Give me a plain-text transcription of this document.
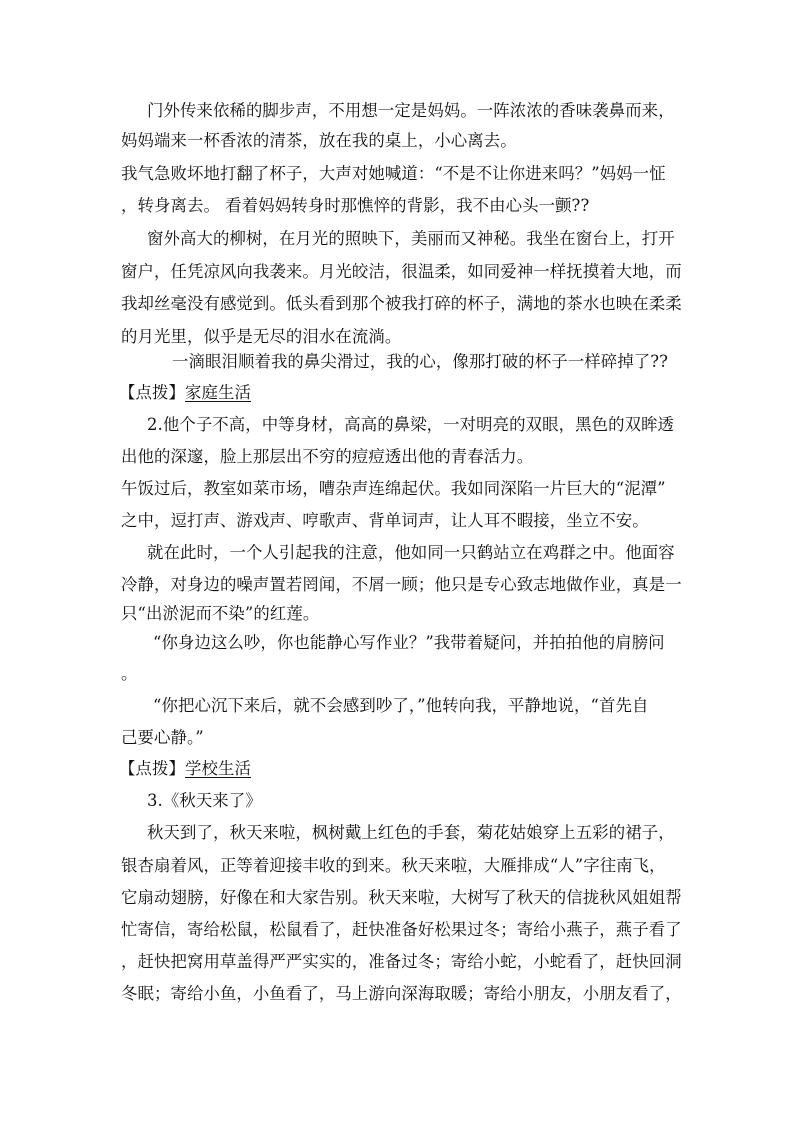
门外传来依稀的脚步声，不用想一定是妈妈。一阵浓浓的香味袭鼻而来，
妈妈端来一杯香浓的清茶，放在我的桌上，小心离去。
我气急败坏地打翻了杯子，大声对她喊道：“不是不让你进来吗？”妈妈一怔
，转身离去。 看着妈妈转身时那憔悴的背影，我不由心头一颤??
窗外高大的柳树，在月光的照映下，美丽而又神秘。我坐在窗台上，打开
窗户，任凭凉风向我袭来。月光皎洁，很温柔，如同爱神一样抚摸着大地，而
我却丝毫没有感觉到。低头看到那个被我打碎的杯子，满地的茶水也映在柔柔
的月光里，似乎是无尽的泪水在流淌。
一滴眼泪顺着我的鼻尖滑过，我的心，像那打破的杯子一样碎掉了??
【点拨】家庭生活
2.他个子不高，中等身材，高高的鼻梁，一对明亮的双眼，黑色的双眸透
出他的深邃，脸上那层出不穷的痘痘透出他的青春活力。
午饭过后，教室如菜市场，嘈杂声连绵起伏。我如同深陷一片巨大的“泥潭”
之中，逗打声、游戏声、哼歌声、背单词声，让人耳不暇接，坐立不安。
就在此时，一个人引起我的注意，他如同一只鹤站立在鸡群之中。他面容
冷静，对身边的噪声置若罔闻，不屑一顾；他只是专心致志地做作业，真是一
只“出淤泥而不染”的红莲。
“你身边这么吵，你也能静心写作业？”我带着疑问，并拍拍他的肩膀问
。
“你把心沉下来后，就不会感到吵了，”他转向我，平静地说，“首先自
己要心静。”
【点拨】学校生活
3.《秋天来了》
秋天到了，秋天来啦，枫树戴上红色的手套，菊花姑娘穿上五彩的裙子，
银杏扇着风，正等着迎接丰收的到来。秋天来啦，大雁排成“人”字往南飞，
它扇动翅膀，好像在和大家告别。秋天来啦，大树写了秋天的信拢秋风姐姐帮
忙寄信，寄给松鼠，松鼠看了，赶快准备好松果过冬；寄给小燕子，燕子看了
，赶快把窝用草盖得严严实实的，准备过冬；寄给小蛇，小蛇看了，赶快回洞
冬眠；寄给小鱼，小鱼看了，马上游向深海取暖；寄给小朋友，小朋友看了，
